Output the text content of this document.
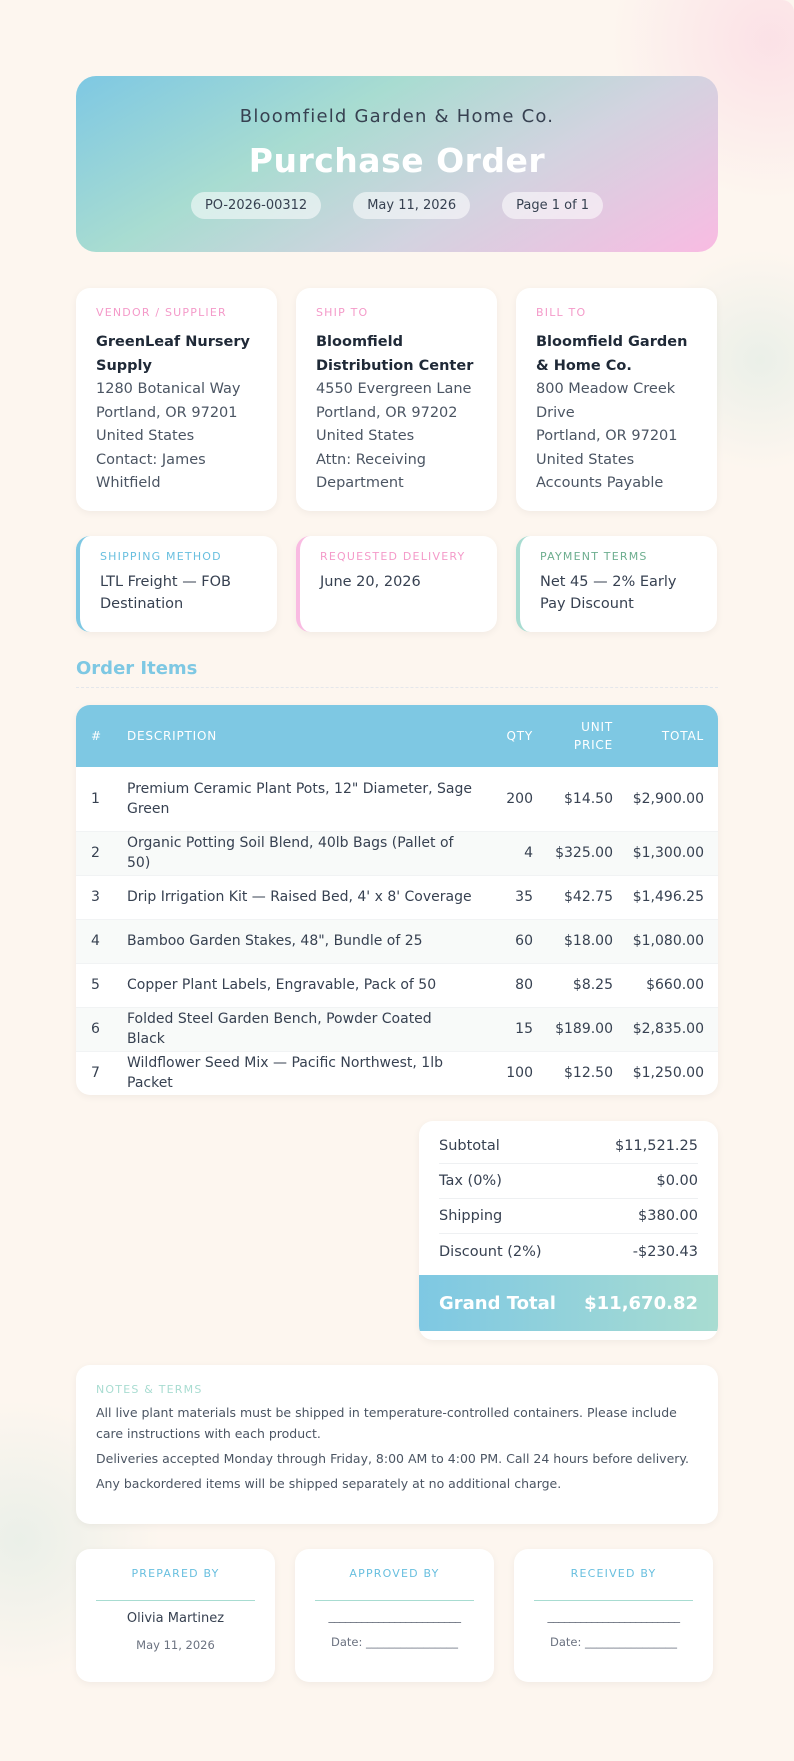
Bloomfield Garden & Home Co.
Purchase Order
PO-2026-00312	May 11, 2026	Page 1 of 1
VENDOR / SUPPLIER
GreenLeaf Nursery Supply
1280 Botanical Way
Portland, OR 97201
United States
Contact: James Whitfield
SHIP TO
Bloomfield Distribution Center
4550 Evergreen Lane
Portland, OR 97202
United States
Attn: Receiving Department
BILL TO
Bloomfield Garden & Home Co.
800 Meadow Creek Drive
Portland, OR 97201
United States
Accounts Payable
SHIPPING METHOD
LTL Freight — FOB Destination
REQUESTED DELIVERY
June 20, 2026
PAYMENT TERMS
Net 45 — 2% Early Pay Discount
Order Items
#	DESCRIPTION	QTY	UNIT PRICE	TOTAL
1	Premium Ceramic Plant Pots, 12" Diameter, Sage Green	200	$14.50	$2,900.00
2	Organic Potting Soil Blend, 40lb Bags (Pallet of 50)	4	$325.00	$1,300.00
3	Drip Irrigation Kit — Raised Bed, 4' x 8' Coverage	35	$42.75	$1,496.25
4	Bamboo Garden Stakes, 48", Bundle of 25	60	$18.00	$1,080.00
5	Copper Plant Labels, Engravable, Pack of 50	80	$8.25	$660.00
6	Folded Steel Garden Bench, Powder Coated Black	15	$189.00	$2,835.00
7	Wildflower Seed Mix — Pacific Northwest, 1lb Packet	100	$12.50	$1,250.00
Subtotal	$11,521.25
Tax (0%)	$0.00
Shipping	$380.00
Discount (2%)	-$230.43
Grand Total $11,670.82
NOTES & TERMS
All live plant materials must be shipped in temperature-controlled containers. Please include care instructions with each product.
Deliveries accepted Monday through Friday, 8:00 AM to 4:00 PM. Call 24 hours before delivery.
Any backordered items will be shipped separately at no additional charge.
PREPARED BY
Olivia Martinez
May 11, 2026
APPROVED BY
________________________
Date: ________________
RECEIVED BY
________________________
Date: ________________
